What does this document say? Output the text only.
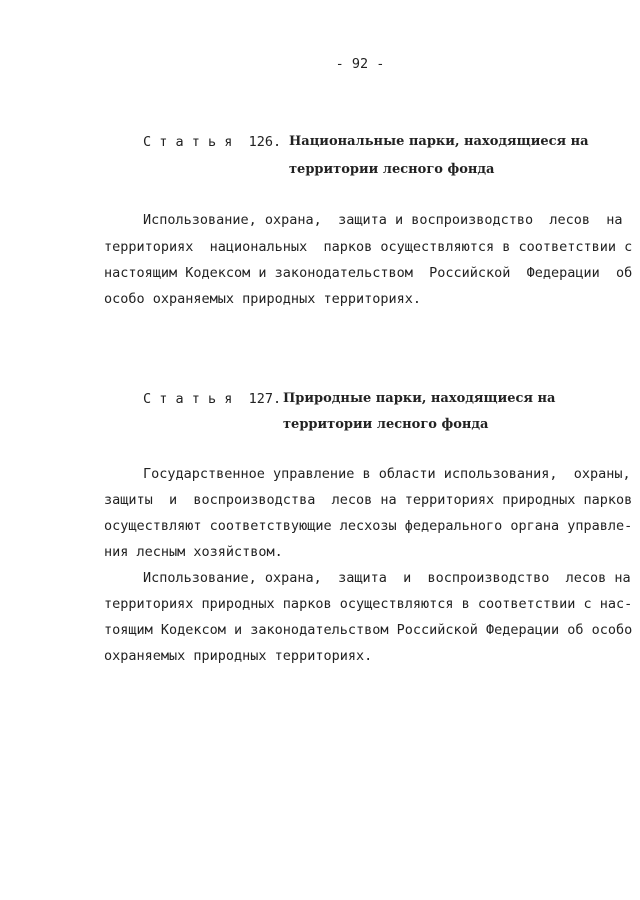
- 92 -
С т а т ь я  126. Национальные парки, находящиеся на
территории лесного фонда
Использование, охрана,  защита и воспроизводство  лесов  на
территориях  национальных  парков осуществляются в соответствии с
настоящим Кодексом и законодательством  Российской  Федерации  об
особо охраняемых природных территориях.
С т а т ь я  127. Природные парки, находящиеся на
территории лесного фонда
Государственное управление в области использования,  охраны,
защиты  и  воспроизводства  лесов на территориях природных парков
осуществляют соответствующие лесхозы федерального органа управле-
ния лесным хозяйством.
Использование, охрана,  защита  и  воспроизводство  лесов на
территориях природных парков осуществляются в соответствии с нас-
тоящим Кодексом и законодательством Российской Федерации об особо
охраняемых природных территориях.
